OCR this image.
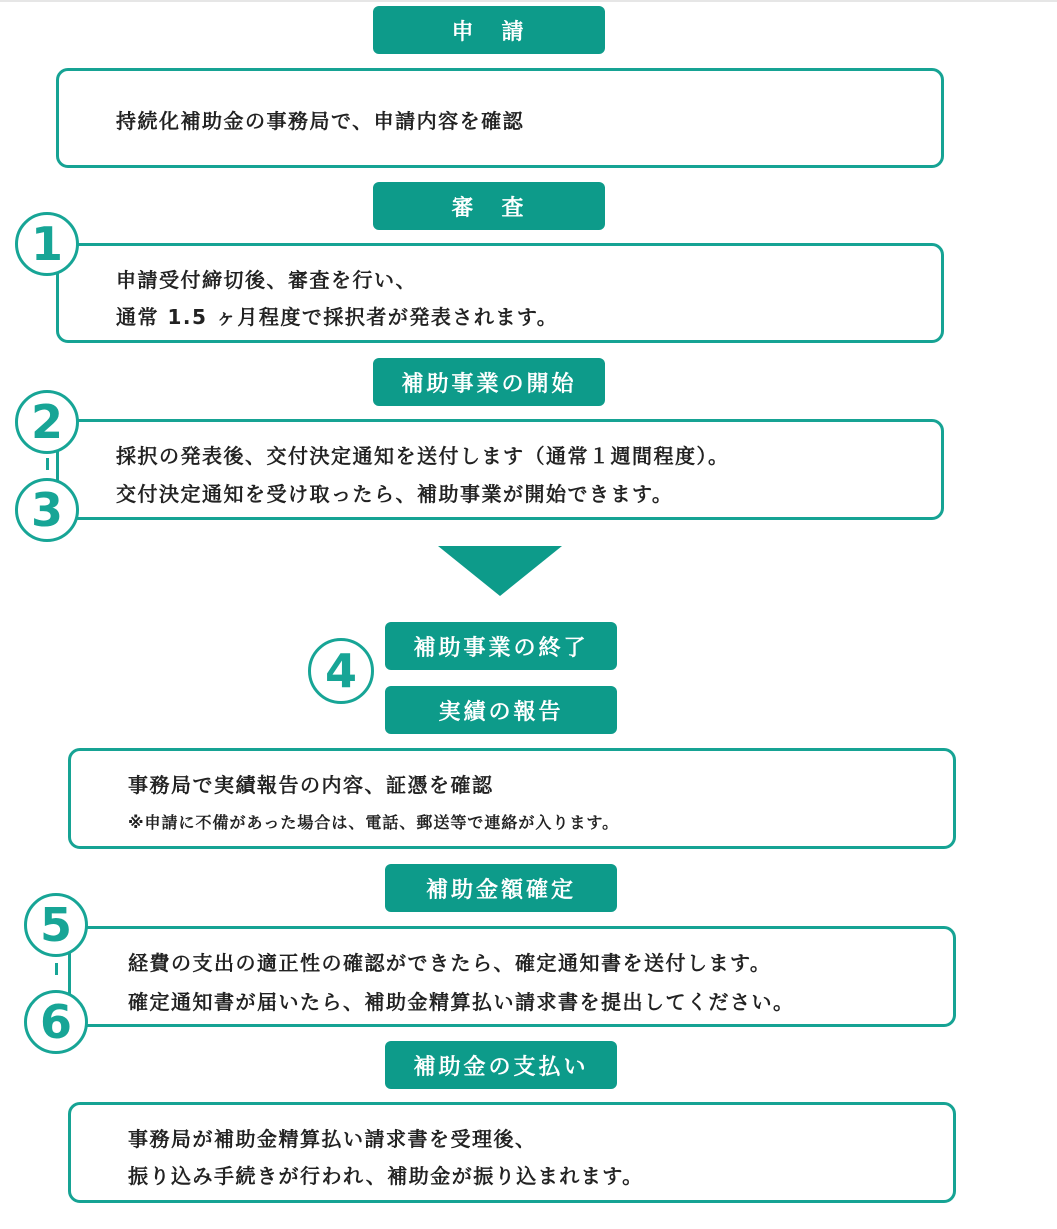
申　請

持続化補助金の事務局で、申請内容を確認

審　査

申請受付締切後、審査を行い、

通常 1.5 ヶ月程度で採択者が発表されます。

補助事業の開始

採択の発表後、交付決定通知を送付します（通常１週間程度）。

交付決定通知を受け取ったら、補助事業が開始できます。

補助事業の終了
実績の報告

事務局で実績報告の内容、証憑を確認

※申請に不備があった場合は、電話、郵送等で連絡が入ります。

補助金額確定

経費の支出の適正性の確認ができたら、確定通知書を送付します。

確定通知書が届いたら、補助金精算払い請求書を提出してください。

補助金の支払い

事務局が補助金精算払い請求書を受理後、

振り込み手続きが行われ、補助金が振り込まれます。

1
2
3
4
5
6
